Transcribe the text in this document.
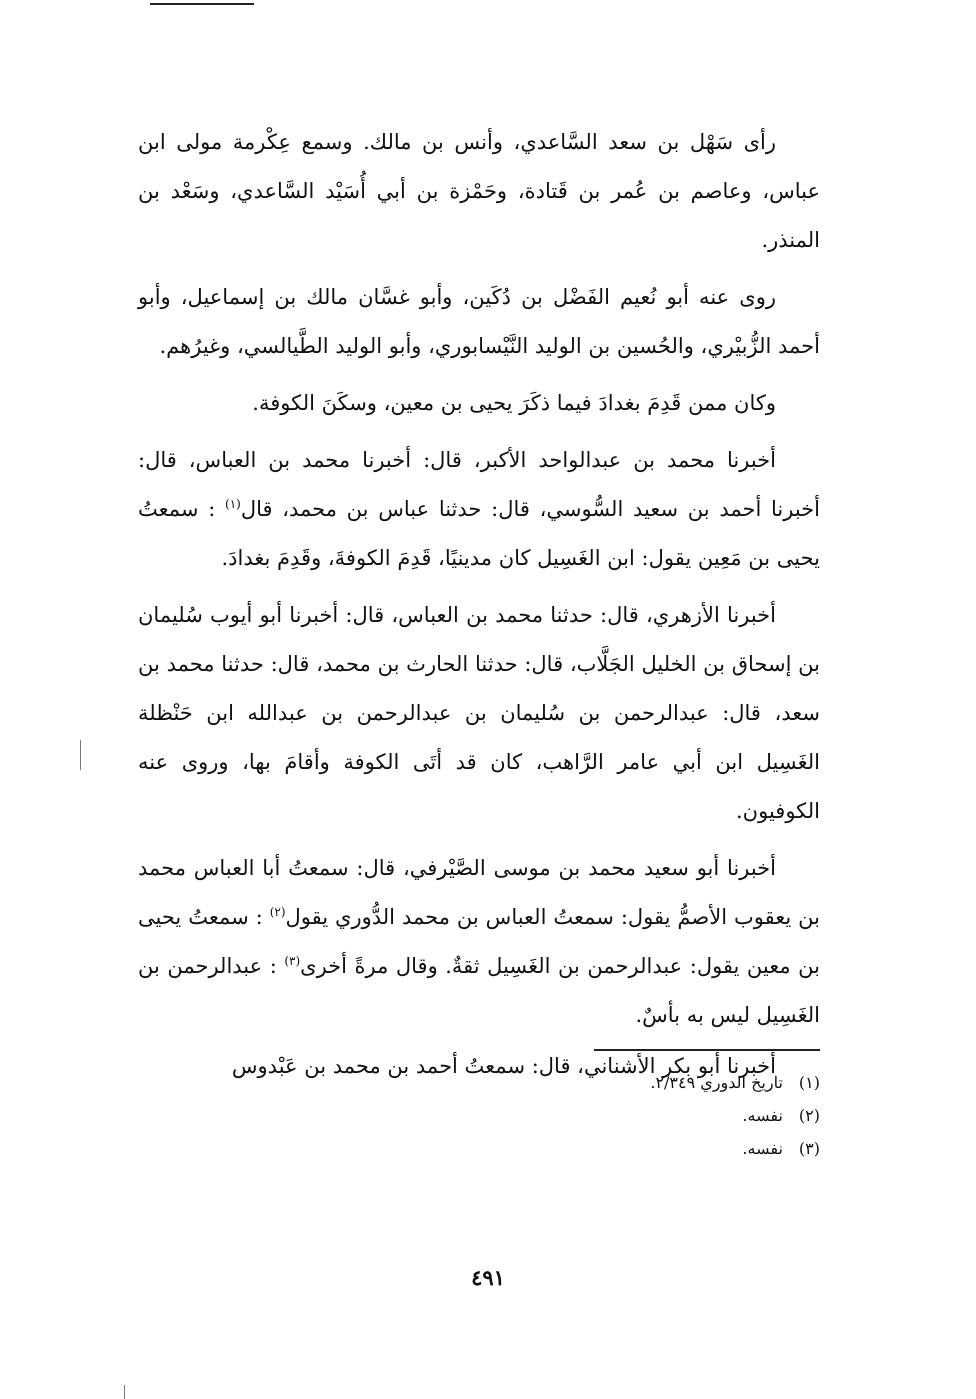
رأى سَهْل بن سعد السَّاعدي، وأنس بن مالك. وسمع عِكْرمة مولى ابن عباس، وعاصم بن عُمر بن قَتادة، وحَمْزة بن أبي أُسَيْد السَّاعدي، وسَعْد بن المنذر.

روى عنه أبو نُعيم الفَضْل بن دُكَين، وأبو غسَّان مالك بن إسماعيل، وأبو أحمد الزُّبيْري، والحُسين بن الوليد النَّيْسابوري، وأبو الوليد الطَّيالسي، وغيرُهم.

وكان ممن قَدِمَ بغدادَ فيما ذكَرَ يحيى بن معين، وسكَنَ الكوفة.

أخبرنا محمد بن عبدالواحد الأكبر، قال: أخبرنا محمد بن العباس، قال: أخبرنا أحمد بن سعيد السُّوسي، قال: حدثنا عباس بن محمد، قال$^{(١)}$ : سمعتُ يحيى بن مَعِين يقول: ابن الغَسِيل كان مدينيًا، قَدِمَ الكوفةَ، وقَدِمَ بغدادَ.

أخبرنا الأزهري، قال: حدثنا محمد بن العباس، قال: أخبرنا أبو أيوب سُليمان بن إسحاق بن الخليل الجَلَّاب، قال: حدثنا الحارث بن محمد، قال: حدثنا محمد بن سعد، قال: عبدالرحمن بن سُليمان بن عبدالرحمن بن عبدالله ابن حَنْظلة الغَسِيل ابن أبي عامر الرَّاهب، كان قد أتَى الكوفة وأقامَ بها، وروى عنه الكوفيون.

أخبرنا أبو سعيد محمد بن موسى الصَّيْرفي، قال: سمعتُ أبا العباس محمد بن يعقوب الأصمُّ يقول: سمعتُ العباس بن محمد الدُّوري يقول$^{(٢)}$ : سمعتُ يحيى بن معين يقول: عبدالرحمن بن الغَسِيل ثقةٌ. وقال مرةً أخرى$^{(٣)}$ : عبدالرحمن بن الغَسِيل ليس به بأسٌ.

أخبرنا أبو بكر الأشناني، قال: سمعتُ أحمد بن محمد بن عَبْدوس

(١)تاريخ الدوري ٢/٣٤٩.
(٢)نفسه.
(٣)نفسه.
٤٩١
